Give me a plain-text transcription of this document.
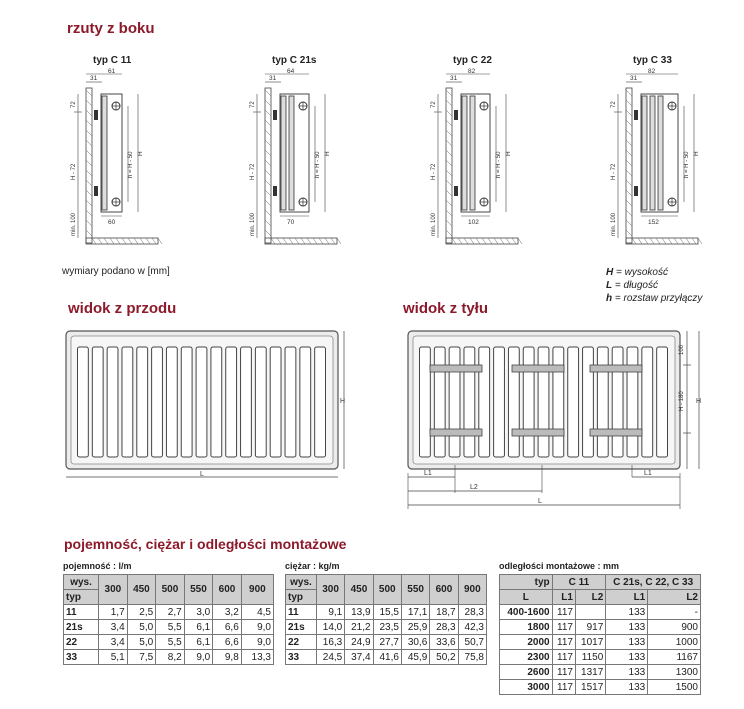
rzuty z boku
widok z przodu	widok z tyłu
pojemność, ciężar i odległości montażowe
typ C 11
31
61
60
72
H - 72
min. 100
h = H - 50 H
typ C 21s
31
64
70
72
H - 72
min. 100
h = H - 50 H
typ C 22
31
82
102
72
H - 72
min. 100
h = H - 50 H
typ C 33
31
82
152
72
H - 72
min. 100
h = H - 50 H
wymiary podano w [mm]	H = wysokość
L = długość
h = rozstaw przyłączy
H
L
100
H - 180 H
L1	L1
L2
L
pojemność : l/m
wys.	300	450	500	550	600	900
typ						
11	1,7	2,5	2,7	3,0	3,2	4,5
21s	3,4	5,0	5,5	6,1	6,6	9,0
22	3,4	5,0	5,5	6,1	6,6	9,0
33	5,1	7,5	8,2	9,0	9,8	13,3
ciężar : kg/m
wys.	300	450	500	550	600	900
typ						
11	9,1	13,9	15,5	17,1	18,7	28,3
21s	14,0	21,2	23,5	25,9	28,3	42,3
22	16,3	24,9	27,7	30,6	33,6	50,7
33	24,5	37,4	41,6	45,9	50,2	75,8
odległości montażowe : mm
typ	C 11		C 21s, C 22, C 33	
L	L1	L2	L1	L2
400-1600	117		133	-
1800	117	917	133	900
2000	117	1017	133	1000
2300	117	1150	133	1167
2600	117	1317	133	1300
3000	117	1517	133	1500
